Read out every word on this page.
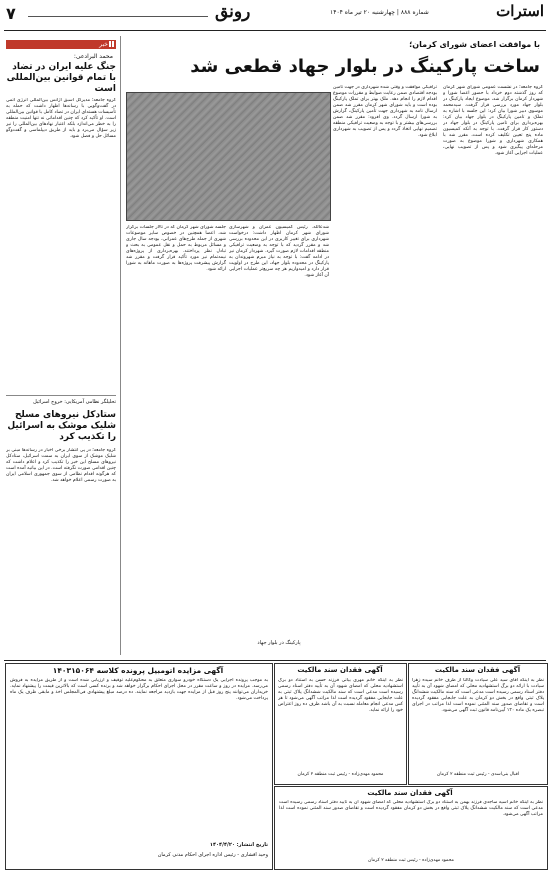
۷	رونق	شماره ۸۸۸ | چهارشنبه ۲۰ تیر ماه ۱۴۰۴	استرات
با موافقت اعضای شورای کرمان؛
ساخت پارکینگ در بلوار جهاد قطعی شد
گروه جامعه؛ در نشست عمومی شورای شهر کرمان که روز گذشته دوم خرداد با حضور اعضا شورا و شهردار کرمان برگزار شد، موضوع ایجاد پارکینگ در بلوار جهاد مورد بررسی قرار گرفت. سیدمحمد موسوی دبیر شورا بیان کرد: این جلسه با اشاره به تملک و تامین پارکینگ در بلوار جهاد بیان کرد: بهره‌برداری برای تامین پارکینگ در بلوار جهاد در دستور کار قرار گرفت. با توجه به آنکه کمیسیون ماده پنج تعیین تکلیف کرده است، مقرر شد با همکاری شهرداری و شورا موضوع به صورت مرحله‌ای پیگیری شود و پس از تصویب نهایی، عملیات اجرایی آغاز شود.
ترافیکی موافقت و وقتی شده شهرداری در جهت تامین بودجه اقتصادی ضمن رعایت ضوابط و مقررات موضوع اقدام لازم را انجام دهد. ملک بهتر برای تملک پارکینگ بوده است و باید شورای شهر کرمان مقرر شد ضمن ارسال نامه به شهرداری جهت تأمین پارکینگ، گزارش به شورا ارسال گردد. وی افزود: مقرر شد ضمن بررسی‌های بیشتر و با توجه به وضعیت ترافیکی منطقه تصمیم نهایی اتخاذ گردد و پس از تصویب به شهرداری ابلاغ شود.
شدعالله. رئیس کمیسیون عمران و شهرسازی شورای شهر کرمان اظهار داشت: درخواست شهرداری برای تغییر کاربری در این محدوده بررسی شد و مقرر گردید که با توجه به وضعیت ترافیکی منطقه اقدامات لازم صورت گیرد. شهردار کرمان نیز در ادامه گفت: با توجه به نیاز مبرم شهروندان به پارکینگ در محدوده بلوار جهاد، این طرح در اولویت قرار دارد و امیدواریم هر چه سریع‌تر عملیات اجرایی آن آغاز شود.
جلسه شورای شهر کرمان که در تالار جلسات برگزار شد، اعضا همچنین در خصوص سایر موضوعات شهری از جمله طرح‌های عمرانی، بودجه سال جاری و مسائل مربوط به حمل و نقل عمومی به بحث و تبادل نظر پرداختند. بهره‌برداری از پروژه‌های نیمه‌تمام نیز مورد تأکید قرار گرفت و مقرر شد گزارش پیشرفت پروژه‌ها به صورت ماهانه به شورا ارائه شود.
پارکینگ در بلوار جهاد
خبر
محمد البرادعی:
جنگ علیه ایران در تضاد با تمام قوانین بین‌المللی است
گروه جامعه؛ مدیرکل اسبق آژانس بین‌المللی انرژی اتمی در گفت‌وگویی با رسانه‌ها اظهار داشت که حمله به تأسیسات هسته‌ای ایران در تضاد کامل با قوانین بین‌المللی است. او تأکید کرد که چنین اقداماتی نه تنها امنیت منطقه را به خطر می‌اندازد بلکه اعتبار نهادهای بین‌المللی را نیز زیر سؤال می‌برد و باید از طریق دیپلماسی و گفت‌وگو مسائل حل و فصل شود.
تحلیلگر نظامی آمریکایی: خروج اسرائیل
ستادکل نیروهای مسلح شلیک موشک به اسرائیل را تکذیب کرد
گروه جامعه؛ در پی انتشار برخی اخبار در رسانه‌ها مبنی بر شلیک موشک از سوی ایران به سمت اسرائیل، ستادکل نیروهای مسلح این خبر را تکذیب کرد و اعلام داشت که چنین اقدامی صورت نگرفته است. در این بیانیه آمده است که هرگونه اقدام نظامی از سوی جمهوری اسلامی ایران به صورت رسمی اعلام خواهد شد.
آگهی مزایده اتومبیل پرونده کلاسه ۱۴۰۳۱۵۰۶۴
به موجب پرونده اجرایی یک دستگاه خودرو سواری متعلق به محکوم‌علیه توقیف و ارزیابی شده است و از طریق مزایده به فروش می‌رسد. مزایده در روز و ساعت مقرر در محل اجرای احکام برگزار خواهد شد و برنده کسی است که بالاترین قیمت را پیشنهاد نماید. خریداران می‌توانند پنج روز قبل از مزایده جهت بازدید مراجعه نمایند. ده درصد مبلغ پیشنهادی فی‌المجلس اخذ و مابقی ظرف یک ماه پرداخت می‌شود.
تاریخ انتشار: ۱۴۰۴/۴/۲۰
وحید افشاری - رئیس اداره اجرای احکام مدنی کرمان
آگهی فقدان سند مالکیت
نظر به اینکه خانم مهری بیاتی فرزند حسن به استناد دو برگ استشهادیه محلی که امضای شهود آن به تأیید دفتر اسناد رسمی رسیده است مدعی است که سند مالکیت ششدانگ پلاک ثبتی به علت جابجایی مفقود گردیده است لذا مراتب آگهی می‌شود تا هر کس مدعی انجام معامله نسبت به آن باشد ظرف ده روز اعتراض خود را ارائه نماید.
محمود مهدی‌زاده - رئیس ثبت منطقه ۲ کرمان
آگهی فقدان سند مالکیت
نظر به اینکه آقای سید علی سیادت وکالتاً از طرف خانم سیده زهرا سیادت با ارائه دو برگ استشهادیه محلی که امضای شهود آن به تأیید دفتر اسناد رسمی رسیده است مدعی است که سند مالکیت ششدانگ پلاک ثبتی واقع در بخش دو کرمان به علت جابجایی مفقود گردیده است و تقاضای صدور سند المثنی نموده است لذا مراتب در اجرای تبصره یک ماده ۱۲۰ آیین‌نامه قانون ثبت آگهی می‌شود.
اقبال بنی‌اسدی - رئیس ثبت منطقه ۲ کرمان
آگهی فقدان سند مالکیت
نظر به اینکه خانم آسیه ساجدی فرزند بهمن به استناد دو برگ استشهادیه محلی که امضای شهود آن به تأیید دفتر اسناد رسمی رسیده است مدعی است که سند مالکیت ششدانگ پلاک ثبتی واقع در بخش دو کرمان مفقود گردیده است و تقاضای صدور سند المثنی نموده است لذا مراتب آگهی می‌شود.
محمود مهدی‌زاده - رئیس ثبت منطقه ۲ کرمان
